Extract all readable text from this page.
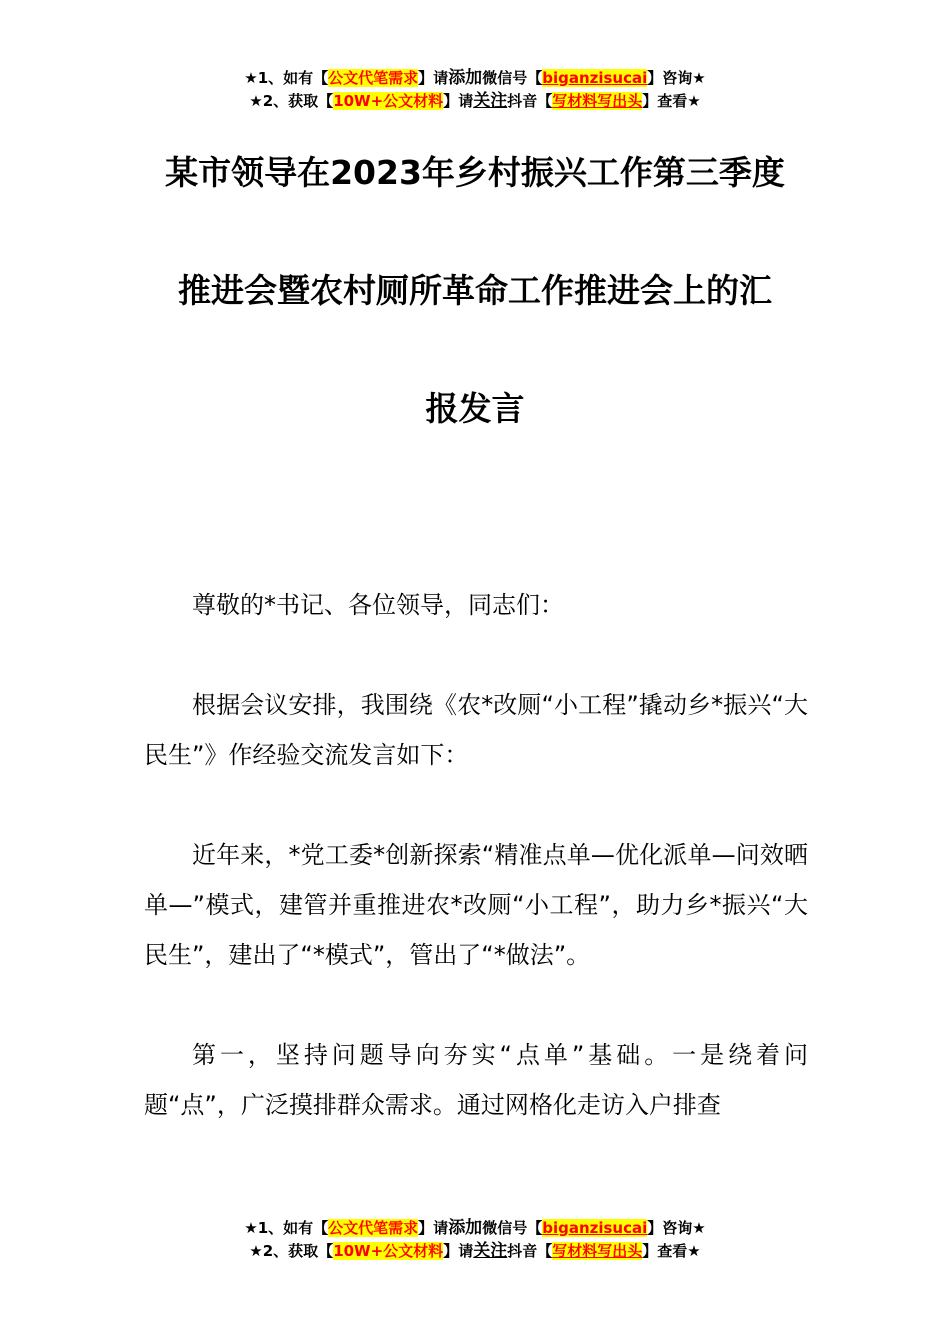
★1、如有【公文代笔需求】请添加微信号【biganzisucai】咨询★
★2、获取【10W+公文材料】请关注抖音【写材料写出头】查看★
某市领导在2023年乡村振兴工作第三季度
推进会暨农村厕所革命工作推进会上的汇
报发言

尊敬的*书记、各位领导，同志们：

根据会议安排，我围绕《农*改厕“小工程”撬动乡*振兴“大民生”》作经验交流发言如下：

近年来，*党工委*创新探索“精准点单—优化派单—问效晒单—”模式，建管并重推进农*改厕“小工程”，助力乡*振兴“大民生”，建出了“*模式”，管出了“*做法”。

第一，坚持问题导向夯实“点单”基础。一是绕着问题“点”，广泛摸排群众需求。通过网格化走访入户排查

★1、如有【公文代笔需求】请添加微信号【biganzisucai】咨询★
★2、获取【10W+公文材料】请关注抖音【写材料写出头】查看★
